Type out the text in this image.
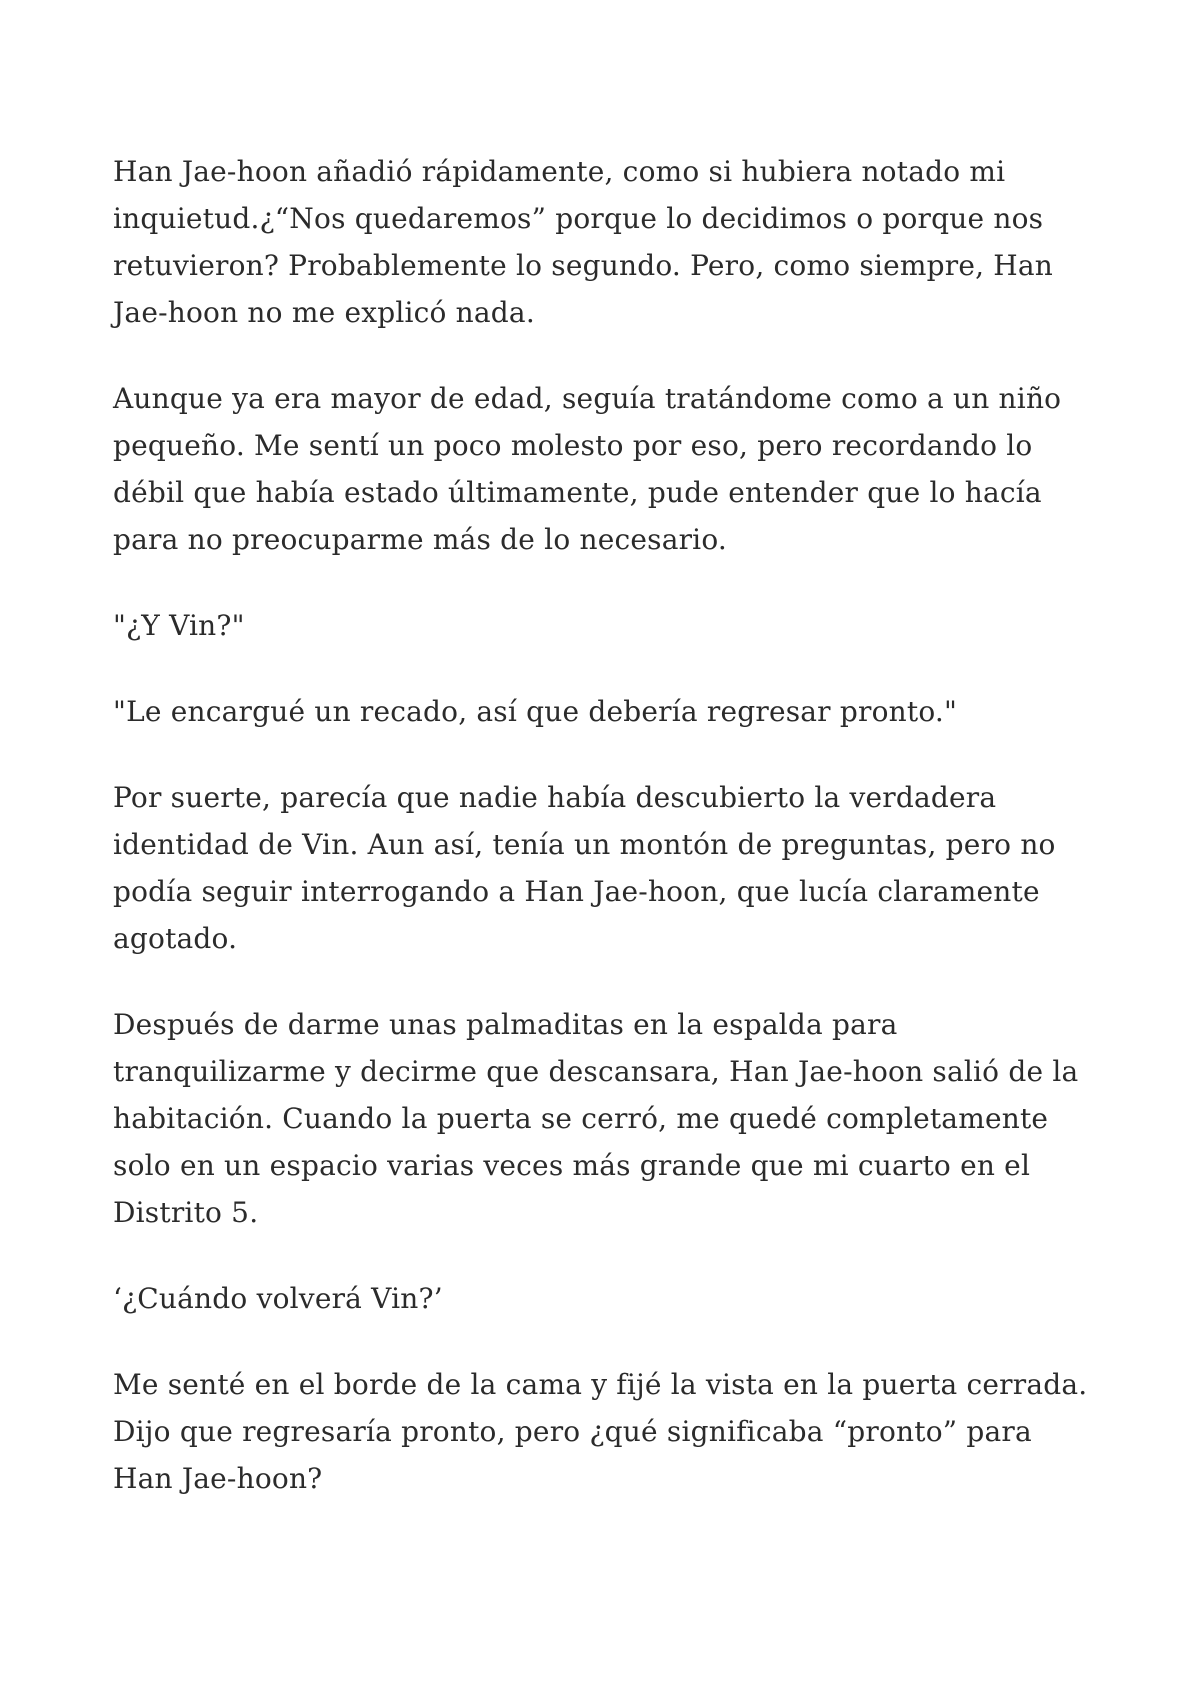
Han Jae-hoon añadió rápidamente, como si hubiera notado mi inquietud.¿“Nos quedaremos” porque lo decidimos o porque nos retuvieron? Probablemente lo segundo. Pero, como siempre, Han Jae-hoon no me explicó nada.

Aunque ya era mayor de edad, seguía tratándome como a un niño pequeño. Me sentí un poco molesto por eso, pero recordando lo débil que había estado últimamente, pude entender que lo hacía para no preocuparme más de lo necesario.

"¿Y Vin?"

"Le encargué un recado, así que debería regresar pronto."

Por suerte, parecía que nadie había descubierto la verdadera identidad de Vin. Aun así, tenía un montón de preguntas, pero no podía seguir interrogando a Han Jae-hoon, que lucía claramente agotado.

Después de darme unas palmaditas en la espalda para tranquilizarme y decirme que descansara, Han Jae-hoon salió de la habitación. Cuando la puerta se cerró, me quedé completamente solo en un espacio varias veces más grande que mi cuarto en el Distrito 5.

‘¿Cuándo volverá Vin?’

Me senté en el borde de la cama y fijé la vista en la puerta cerrada. Dijo que regresaría pronto, pero ¿qué significaba “pronto” para Han Jae-hoon?
